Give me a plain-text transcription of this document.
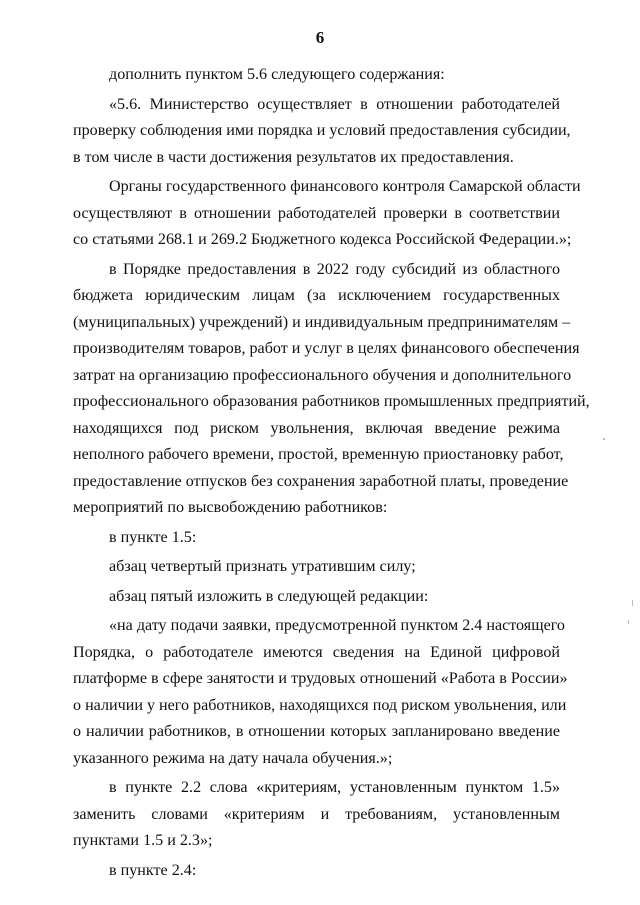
6
дополнить пунктом 5.6 следующего содержания:
«5.6. Министерство осуществляет в отношении работодателей
проверку соблюдения ими порядка и условий предоставления субсидии,
в том числе в части достижения результатов их предоставления.
Органы государственного финансового контроля Самарской области
осуществляют в отношении работодателей проверки в соответствии
со статьями 268.1 и 269.2 Бюджетного кодекса Российской Федерации.»;
в Порядке предоставления в 2022 году субсидий из областного
бюджета юридическим лицам (за исключением государственных
(муниципальных) учреждений) и индивидуальным предпринимателям –
производителям товаров, работ и услуг в целях финансового обеспечения
затрат на организацию профессионального обучения и дополнительного
профессионального образования работников промышленных предприятий,
находящихся под риском увольнения, включая введение режима
неполного рабочего времени, простой, временную приостановку работ,
предоставление отпусков без сохранения заработной платы, проведение
мероприятий по высвобождению работников:
в пункте 1.5:
абзац четвертый признать утратившим силу;
абзац пятый изложить в следующей редакции:
«на дату подачи заявки, предусмотренной пунктом 2.4 настоящего
Порядка, о работодателе имеются сведения на Единой цифровой
платформе в сфере занятости и трудовых отношений «Работа в России»
о наличии у него работников, находящихся под риском увольнения, или
о наличии работников, в отношении которых запланировано введение
указанного режима на дату начала обучения.»;
в пункте 2.2 слова «критериям, установленным пунктом 1.5»
заменить словами «критериям и требованиям, установленным
пунктами 1.5 и 2.3»;
в пункте 2.4:
